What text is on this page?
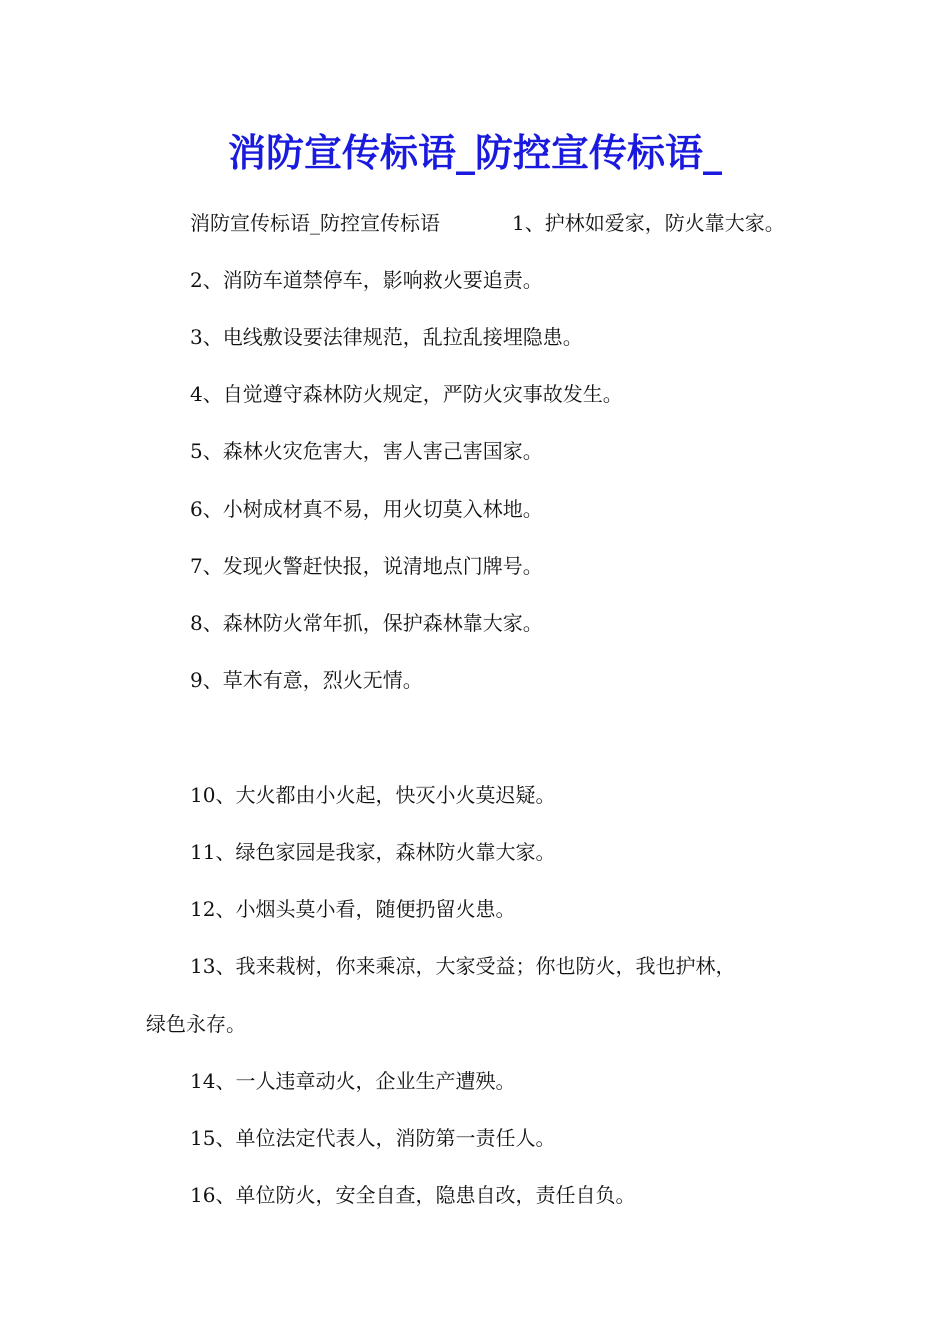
消防宣传标语_防控宣传标语_
消防宣传标语_防控宣传标语	1、护林如爱家，防火靠大家。
2、消防车道禁停车，影响救火要追责。
3、电线敷设要法律规范，乱拉乱接埋隐患。
4、自觉遵守森林防火规定，严防火灾事故发生。
5、森林火灾危害大，害人害己害国家。
6、小树成材真不易，用火切莫入林地。
7、发现火警赶快报，说清地点门牌号。
8、森林防火常年抓，保护森林靠大家。
9、草木有意，烈火无情。
10、大火都由小火起，快灭小火莫迟疑。
11、绿色家园是我家，森林防火靠大家。
12、小烟头莫小看，随便扔留火患。
13、我来栽树，你来乘凉，大家受益；你也防火，我也护林，
绿色永存。
14、一人违章动火，企业生产遭殃。
15、单位法定代表人，消防第一责任人。
16、单位防火，安全自查，隐患自改，责任自负。
